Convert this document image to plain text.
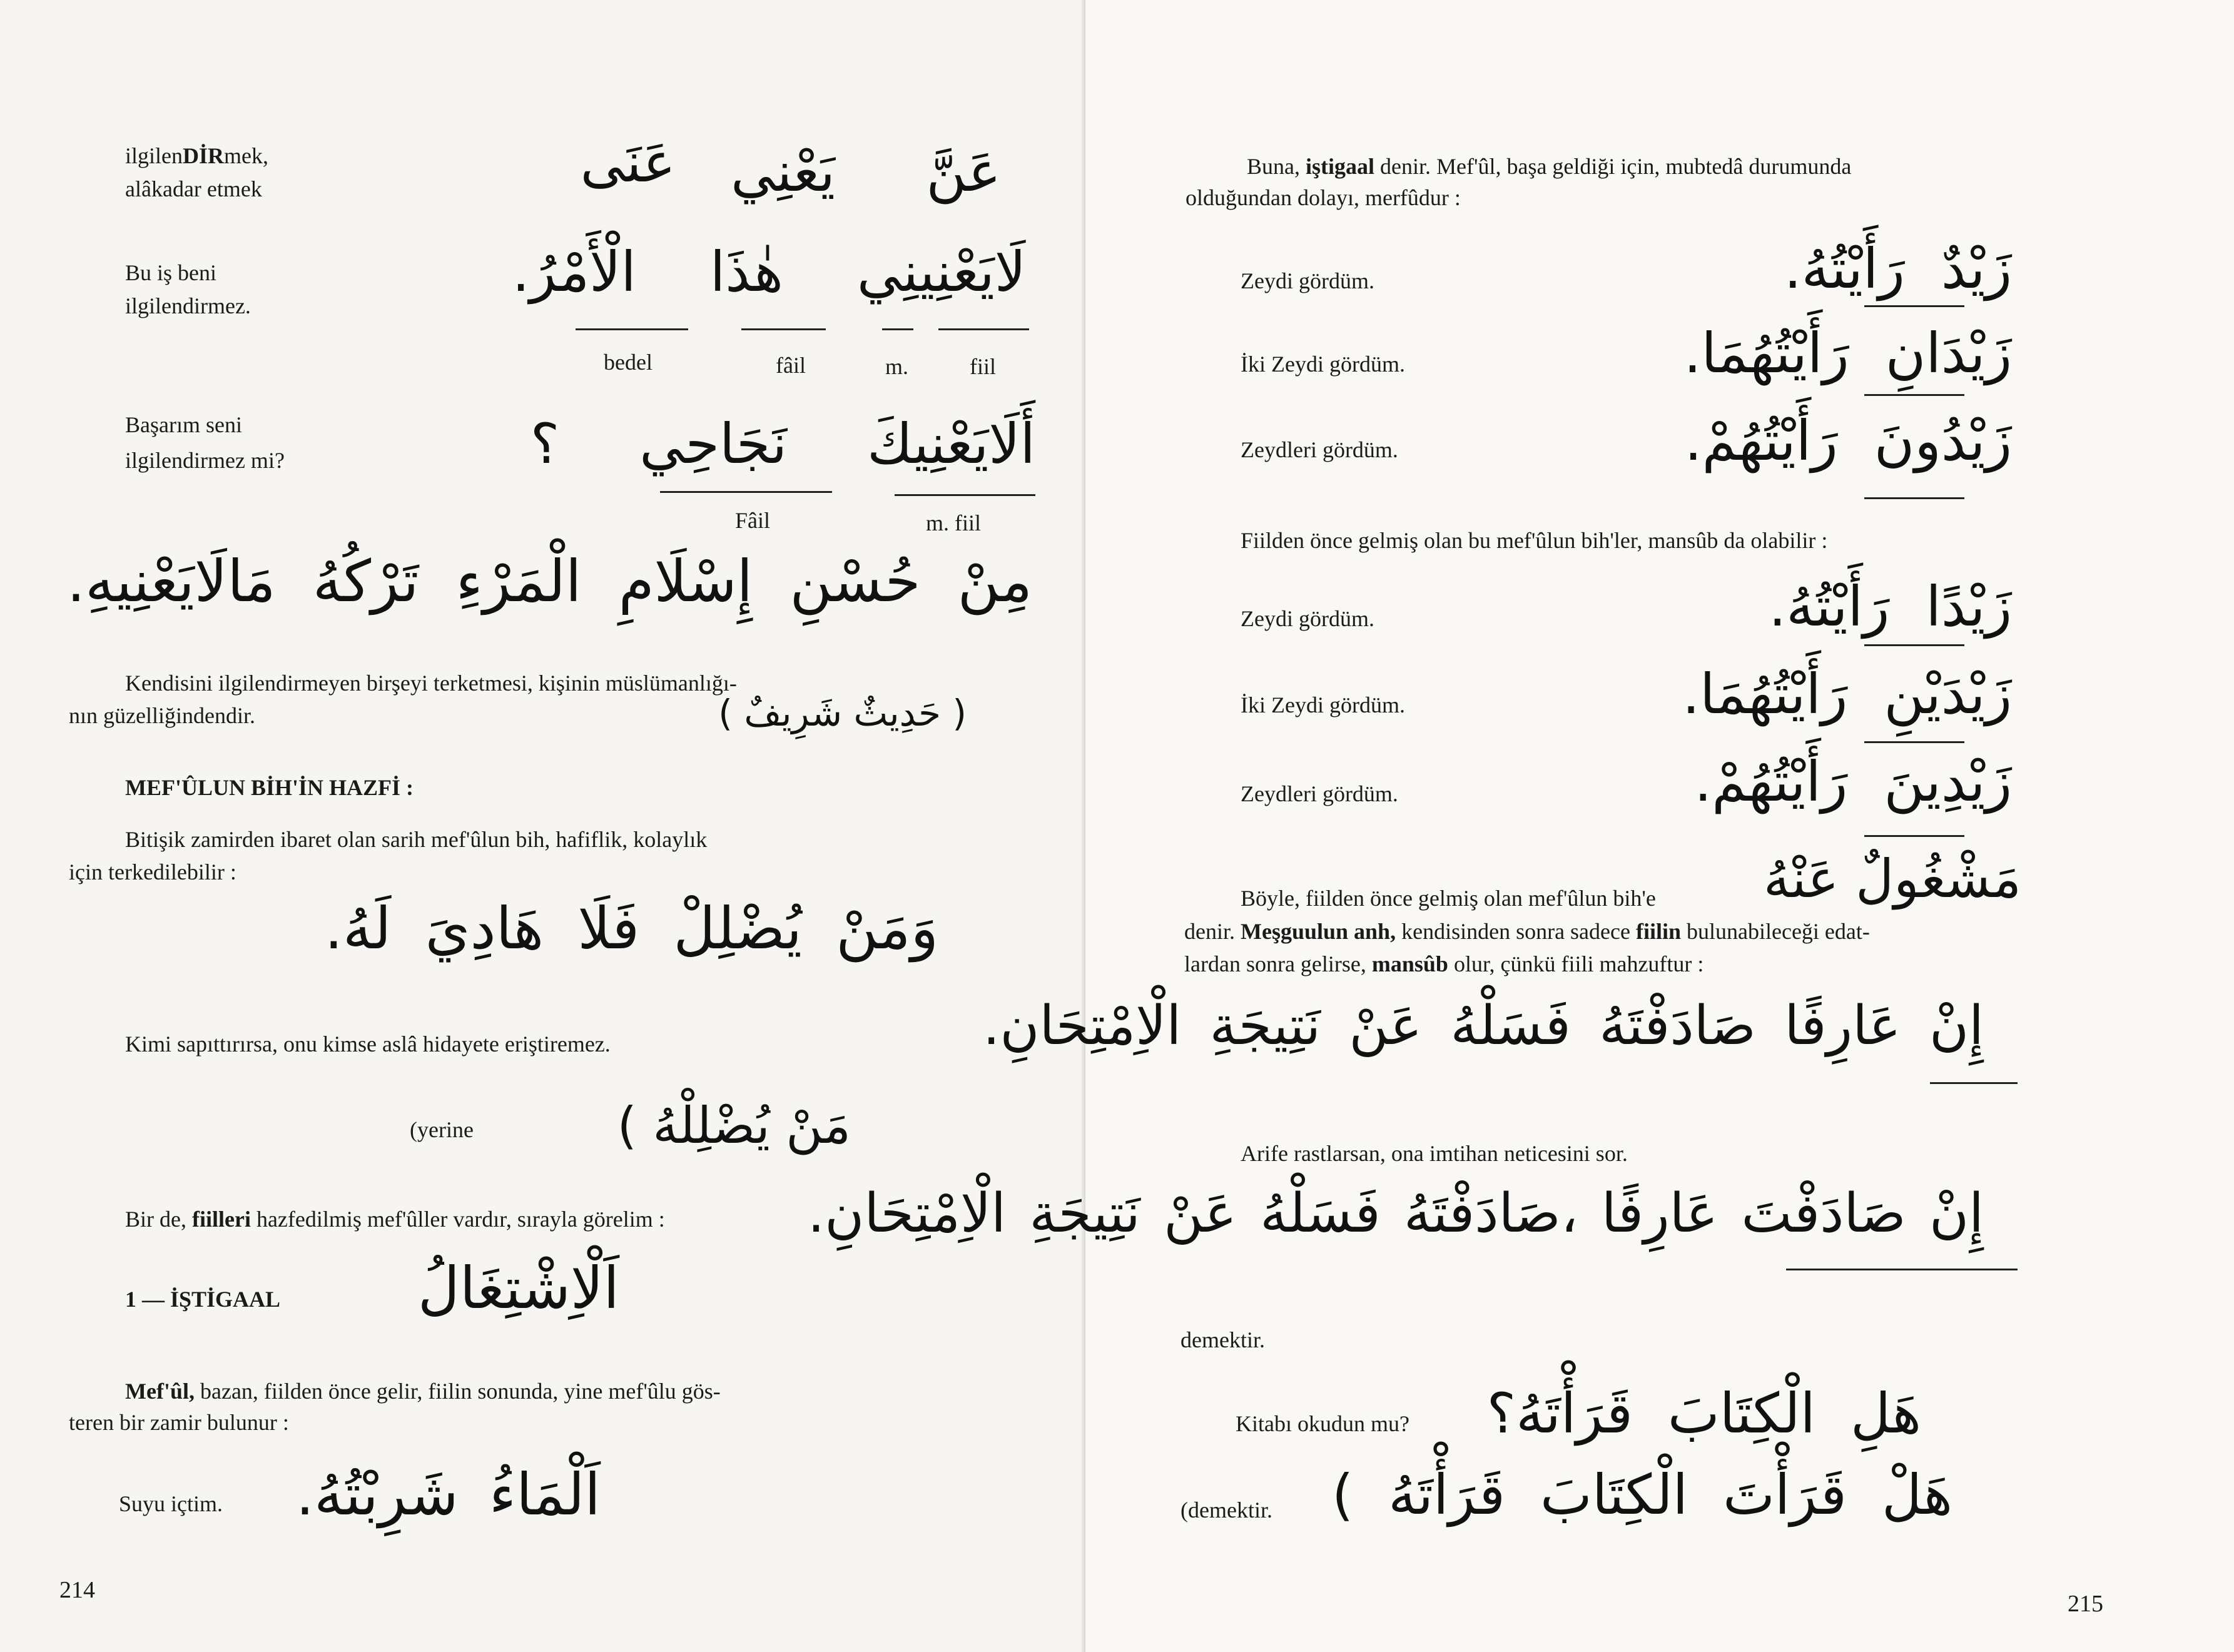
ilgilenDİRmek,
alâkadar etmek	عَنَى يَعْنِي عَنَّ
Bu iş beni
ilgilendirmez.
لَايَعْنِينِي هٰذَا الْأَمْرُ.
bedel	fâil	m.	fiil
Başarım seni
ilgilendirmez mi?	أَلَايَعْنِيكَ نَجَاحِي ؟
Fâil	m. fiil
مِنْ حُسْنِ إِسْلَامِ الْمَرْءِ تَرْكُهُ مَالَايَعْنِيهِ.
Kendisini ilgilendirmeyen birşeyi terketmesi, kişinin müslümanlığı-
nın güzelliğindendir.	( حَدِيثٌ شَرِيفٌ )
MEF'ÛLUN BİH'İN HAZFİ :
Bitişik zamirden ibaret olan sarih mef'ûlun bih, hafiflik, kolaylık
için terkedilebilir :
وَمَنْ يُضْلِلْ فَلَا هَادِيَ لَهُ.
Kimi sapıttırırsa, onu kimse aslâ hidayete eriştiremez.
(yerine	مَنْ يُضْلِلْهُ )
Bir de, fiilleri hazfedilmiş mef'ûller vardır, sırayla görelim :
1 — İŞTİGAAL اَلْاِشْتِغَالُ
Mef'ûl, bazan, fiilden önce gelir, fiilin sonunda, yine mef'ûlu gös-
teren bir zamir bulunur :
Suyu içtim. اَلْمَاءُ شَرِبْتُهُ.
214
Buna, iştigaal denir. Mef'ûl, başa geldiği için, mubtedâ durumunda
olduğundan dolayı, merfûdur :
Zeydi gördüm.	زَيْدٌ رَأَيْتُهُ.
İki Zeydi gördüm.	زَيْدَانِ رَأَيْتُهُمَا.
Zeydleri gördüm.	زَيْدُونَ رَأَيْتُهُمْ.
Fiilden önce gelmiş olan bu mef'ûlun bih'ler, mansûb da olabilir :
Zeydi gördüm.	زَيْدًا رَأَيْتُهُ.
İki Zeydi gördüm.	زَيْدَيْنِ رَأَيْتُهُمَا.
Zeydleri gördüm.	زَيْدِينَ رَأَيْتُهُمْ.
Böyle, fiilden önce gelmiş olan mef'ûlun bih'e مَشْغُولٌ عَنْهُ
denir. Meşguulun anh, kendisinden sonra sadece fiilin bulunabileceği edat-
lardan sonra gelirse, mansûb olur, çünkü fiili mahzuftur :
إِنْ عَارِفًا صَادَفْتَهُ فَسَلْهُ عَنْ نَتِيجَةِ الْاِمْتِحَانِ.
Arife rastlarsan, ona imtihan neticesini sor.
إِنْ صَادَفْتَ عَارِفًا ،صَادَفْتَهُ فَسَلْهُ عَنْ نَتِيجَةِ الْاِمْتِحَانِ.
demektir.
Kitabı okudun mu? هَلِ الْكِتَابَ قَرَأْتَهُ؟
(demektir. هَلْ قَرَأْتَ الْكِتَابَ قَرَأْتَهُ )
215
